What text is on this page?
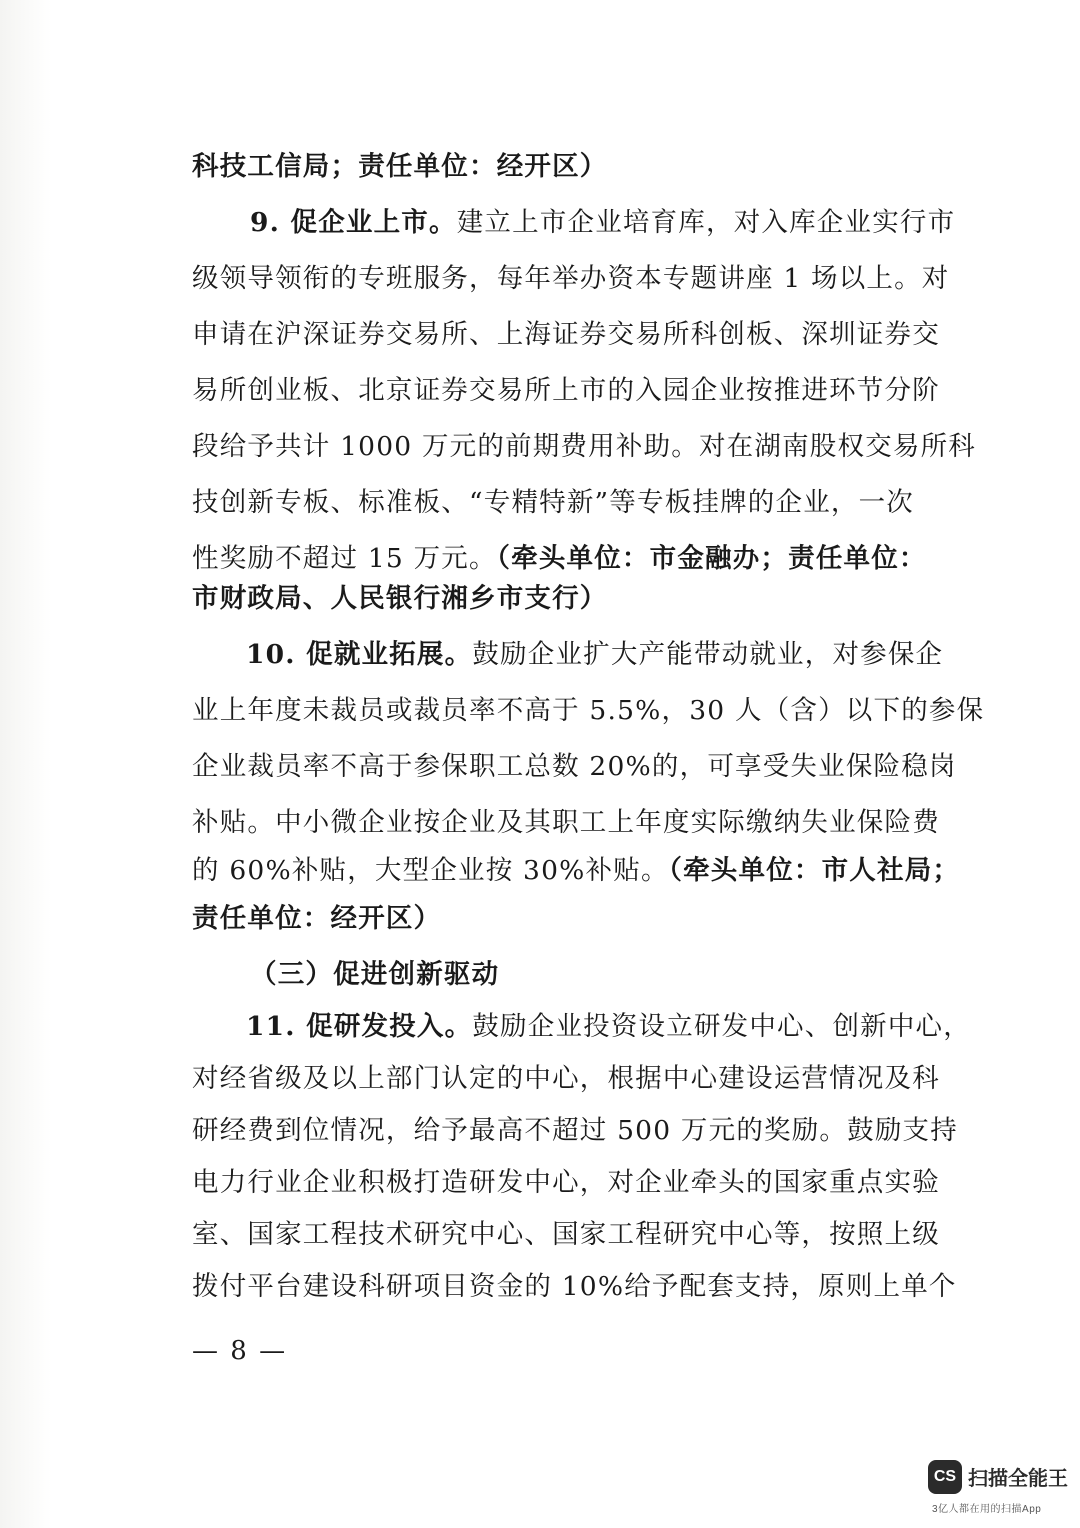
科技工信局；责任单位：经开区）
9. 促企业上市。建立上市企业培育库，对入库企业实行市
级领导领衔的专班服务，每年举办资本专题讲座 1 场以上。对
申请在沪深证券交易所、上海证券交易所科创板、深圳证券交
易所创业板、北京证券交易所上市的入园企业按推进环节分阶
段给予共计 1000 万元的前期费用补助。对在湖南股权交易所科
技创新专板、标准板、“专精特新”等专板挂牌的企业，一次
性奖励不超过 15 万元。（牵头单位：市金融办；责任单位：
市财政局、人民银行湘乡市支行）
10. 促就业拓展。鼓励企业扩大产能带动就业，对参保企
业上年度未裁员或裁员率不高于 5.5%，30 人（含）以下的参保
企业裁员率不高于参保职工总数 20%的，可享受失业保险稳岗
补贴。中小微企业按企业及其职工上年度实际缴纳失业保险费
的 60%补贴，大型企业按 30%补贴。（牵头单位：市人社局；
责任单位：经开区）
（三）促进创新驱动
11. 促研发投入。鼓励企业投资设立研发中心、创新中心，
对经省级及以上部门认定的中心，根据中心建设运营情况及科
研经费到位情况，给予最高不超过 500 万元的奖励。鼓励支持
电力行业企业积极打造研发中心，对企业牵头的国家重点实验
室、国家工程技术研究中心、国家工程研究中心等，按照上级
拨付平台建设科研项目资金的 10%给予配套支持，原则上单个
— 8 —
CS 扫描全能王
3亿人都在用的扫描App
